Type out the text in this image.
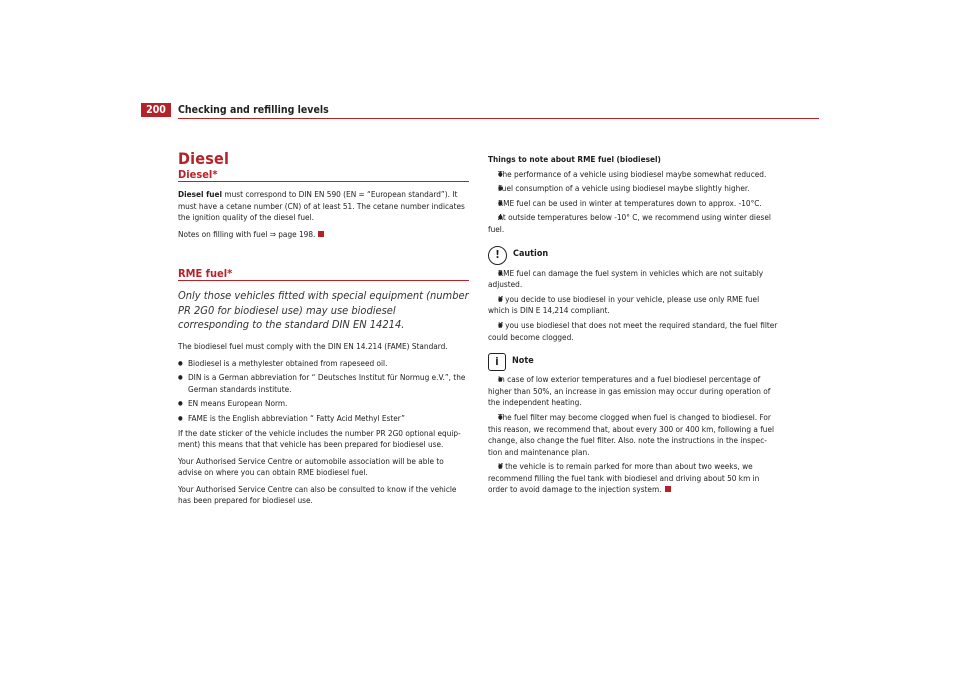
200	Checking and refilling levels
Diesel
Diesel*

Diesel fuel must correspond to DIN EN 590 (EN = “European standard”). It must have a cetane number (CN) of at least 51. The cetane number indicates the ignition quality of the diesel fuel.

Notes on filling with fuel ⇒ page 198.

RME fuel*
Only those vehicles fitted with special equipment (number PR 2G0 for biodiesel use) may use biodiesel corresponding to the standard DIN EN 14214.

The biodiesel fuel must comply with the DIN EN 14.214 (FAME) Standard.

● Biodiesel is a methylester obtained from rapeseed oil.
● DIN is a German abbreviation for “ Deutsches Institut für Normug e.V.”, the German standards institute.
● EN means European Norm.
● FAME is the English abbreviation “ Fatty Acid Methyl Ester”

If the date sticker of the vehicle includes the number PR 2G0 optional equip-ment) this means that that vehicle has been prepared for biodiesel use.

Your Authorised Service Centre or automobile association will be able to advise on where you can obtain RME biodiesel fuel.

Your Authorised Service Centre can also be consulted to know if the vehicle has been prepared for biodiesel use.

Things to note about RME fuel (biodiesel)
● The performance of a vehicle using biodiesel maybe somewhat reduced.
● Fuel consumption of a vehicle using biodiesel maybe slightly higher.
● RME fuel can be used in winter at temperatures down to approx. -10°C.
● At outside temperatures below -10° C, we recommend using winter diesel fuel.
!	Caution
● RME fuel can damage the fuel system in vehicles which are not suitably adjusted.
● If you decide to use biodiesel in your vehicle, please use only RME fuel which is DIN E 14,214 compliant.
● If you use biodiesel that does not meet the required standard, the fuel filter could become clogged.
i	Note
● In case of low exterior temperatures and a fuel biodiesel percentage of higher than 50%, an increase in gas emission may occur during operation of the independent heating.
● The fuel filter may become clogged when fuel is changed to biodiesel. For this reason, we recommend that, about every 300 or 400 km, following a fuel change, also change the fuel filter. Also. note the instructions in the inspec-tion and maintenance plan.
● If the vehicle is to remain parked for more than about two weeks, we recommend filling the fuel tank with biodiesel and driving about 50 km in order to avoid damage to the injection system.
